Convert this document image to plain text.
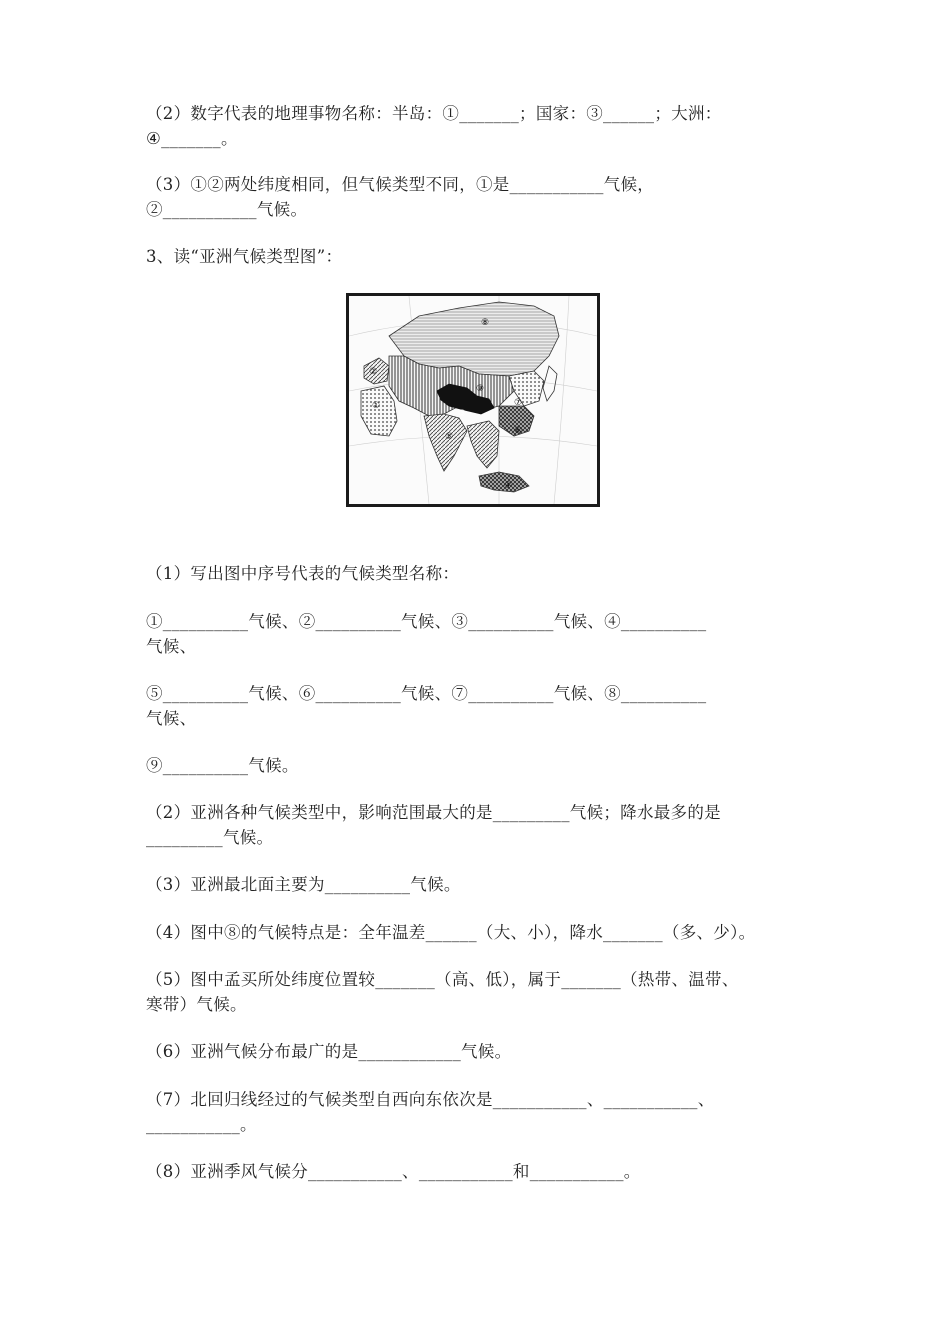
（2）数字代表的地理事物名称：半岛：①_______；国家：③______；大洲：
④_______。
（3）①②两处纬度相同，但气候类型不同，①是___________气候，
②___________气候。
3、读“亚洲气候类型图”：
①
②
③
④
⑤
⑥
⑦
⑧
⑨
（1）写出图中序号代表的气候类型名称：
①__________气候、②__________气候、③__________气候、④__________
气候、
⑤__________气候、⑥__________气候、⑦__________气候、⑧__________
气候、
⑨__________气候。
（2）亚洲各种气候类型中，影响范围最大的是_________气候；降水最多的是
_________气候。
（3）亚洲最北面主要为__________气候。
（4）图中⑧的气候特点是：全年温差______（大、小），降水_______（多、少）。
（5）图中孟买所处纬度位置较_______（高、低），属于_______（热带、温带、
寒带）气候。
（6）亚洲气候分布最广的是____________气候。
（7）北回归线经过的气候类型自西向东依次是___________、___________、
___________。
（8）亚洲季风气候分___________、___________和___________。
